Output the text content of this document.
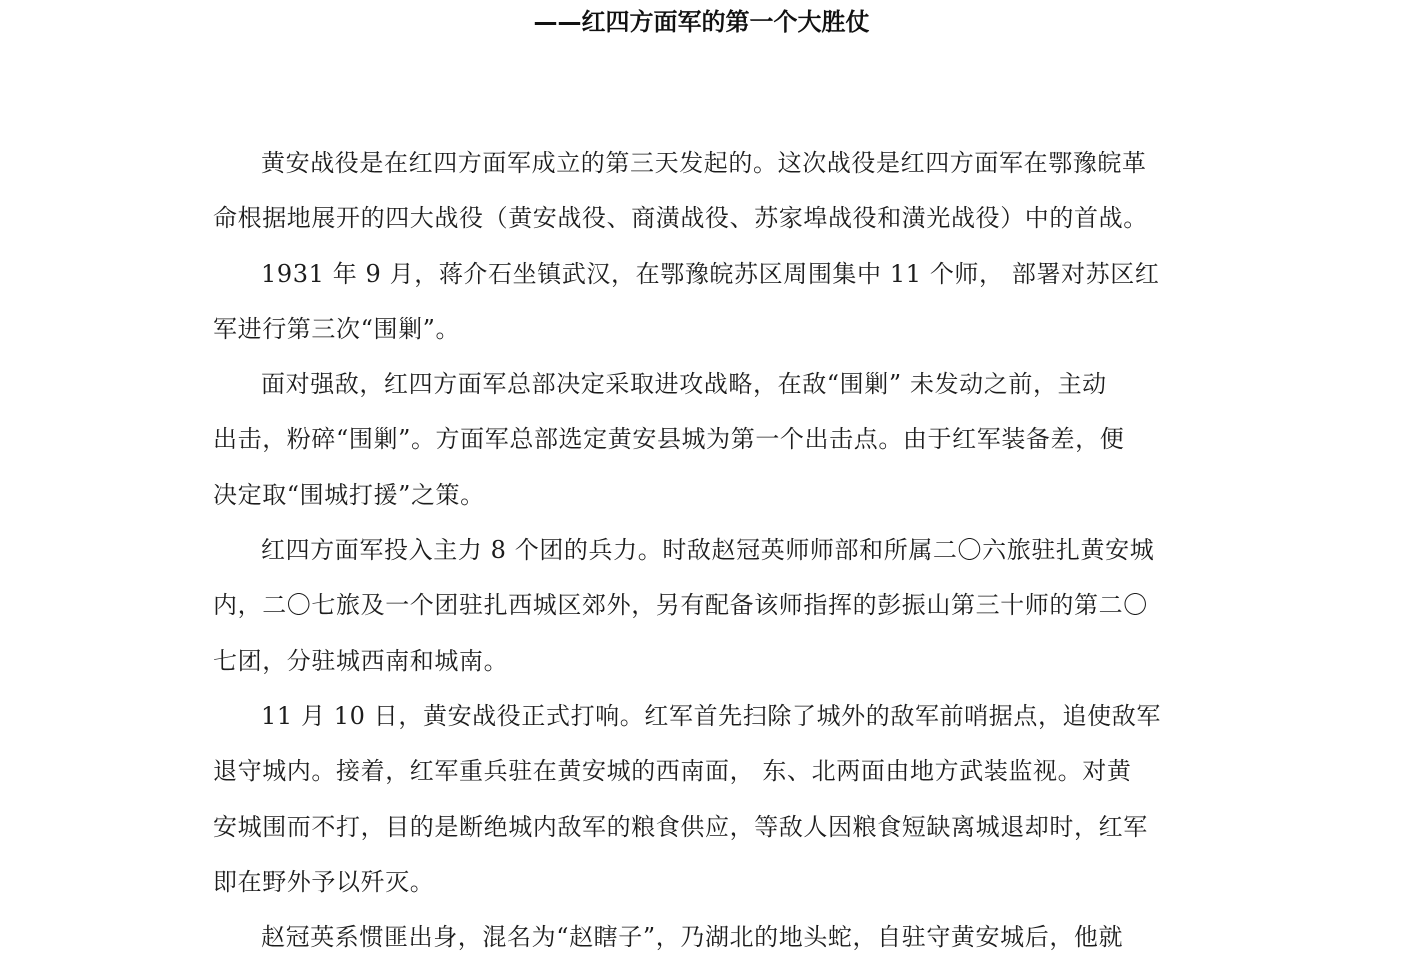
——红四方面军的第一个大胜仗

黄安战役是在红四方面军成立的第三天发起的。这次战役是红四方面军在鄂豫皖革
命根据地展开的四大战役（黄安战役、商潢战役、苏家埠战役和潢光战役）中的首战。

1931 年 9 月，蒋介石坐镇武汉，在鄂豫皖苏区周围集中 11 个师， 部署对苏区红
军进行第三次“围剿”。

面对强敌，红四方面军总部决定采取进攻战略，在敌“围剿” 未发动之前，主动
出击，粉碎“围剿”。方面军总部选定黄安县城为第一个出击点。由于红军装备差，便
决定取“围城打援”之策。

红四方面军投入主力 8 个团的兵力。时敌赵冠英师师部和所属二〇六旅驻扎黄安城
内，二〇七旅及一个团驻扎西城区郊外，另有配备该师指挥的彭振山第三十师的第二〇
七团，分驻城西南和城南。

11 月 10 日，黄安战役正式打响。红军首先扫除了城外的敌军前哨据点，追使敌军
退守城内。接着，红军重兵驻在黄安城的西南面， 东、北两面由地方武装监视。对黄
安城围而不打，目的是断绝城内敌军的粮食供应，等敌人因粮食短缺离城退却时，红军
即在野外予以歼灭。

赵冠英系惯匪出身，混名为“赵瞎子”，乃湖北的地头蛇，自驻守黄安城后，他就
